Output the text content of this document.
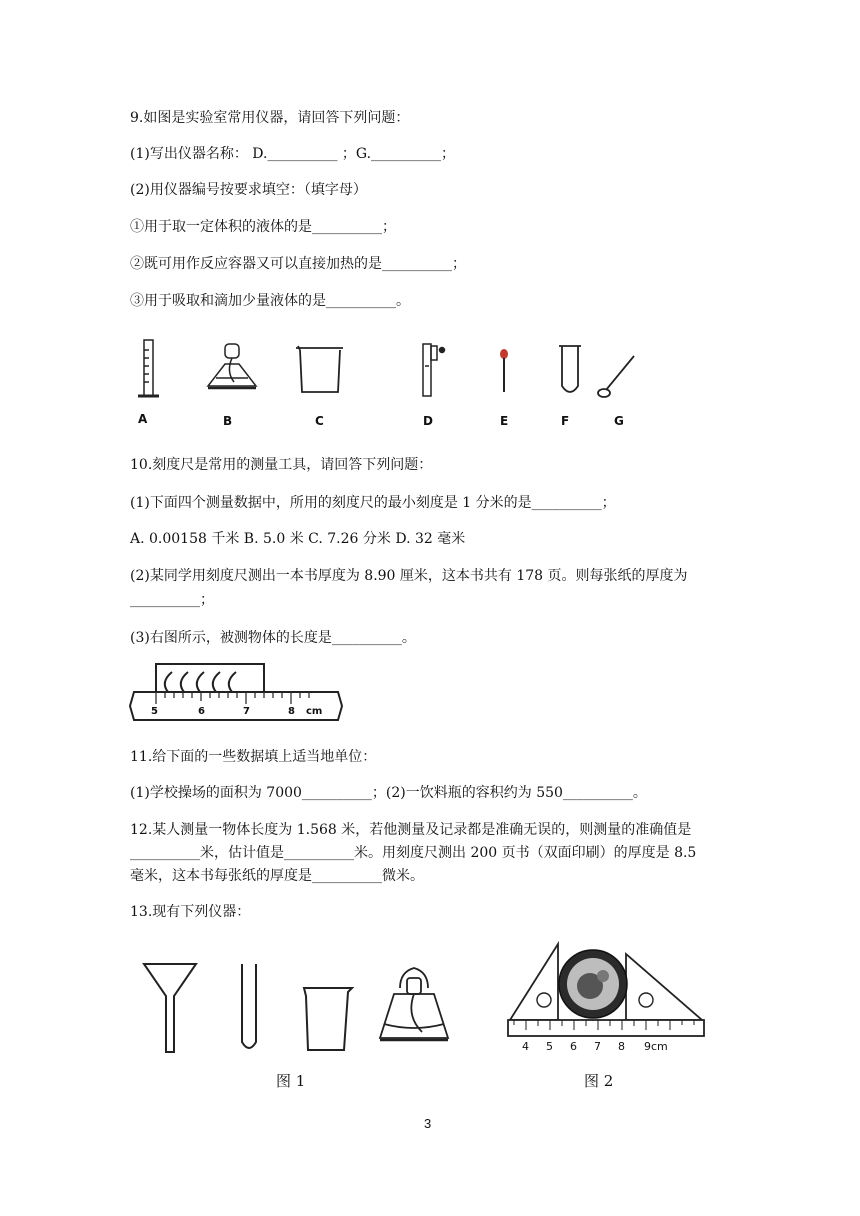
9.如图是实验室常用仪器，请回答下列问题：
(1)写出仪器名称： D.__________ ；G.__________；
(2)用仪器编号按要求填空：（填字母）
①用于取一定体积的液体的是__________；
②既可用作反应容器又可以直接加热的是__________；
③用于吸取和滴加少量液体的是__________。
A	B	C	D	E	F	G
10.刻度尺是常用的测量工具，请回答下列问题：
(1)下面四个测量数据中，所用的刻度尺的最小刻度是 1 分米的是__________；
A. 0.00158 千米 B. 5.0 米 C. 7.26 分米 D. 32 毫米
(2)某同学用刻度尺测出一本书厚度为 8.90 厘米，这本书共有 178 页。则每张纸的厚度为
__________；
(3)右图所示，被测物体的长度是__________。
5	6	7	8 cm
11.给下面的一些数据填上适当地单位：
(1)学校操场的面积为 7000__________；(2)一饮料瓶的容积约为 550__________。
12.某人测量一物体长度为 1.568 米，若他测量及记录都是准确无误的，则测量的准确值是
__________米，估计值是__________米。用刻度尺测出 200 页书（双面印刷）的厚度是 8.5
毫米，这本书每张纸的厚度是__________微米。
13.现有下列仪器：
图 1
4 5 6 7 8 9cm
图 2
3
